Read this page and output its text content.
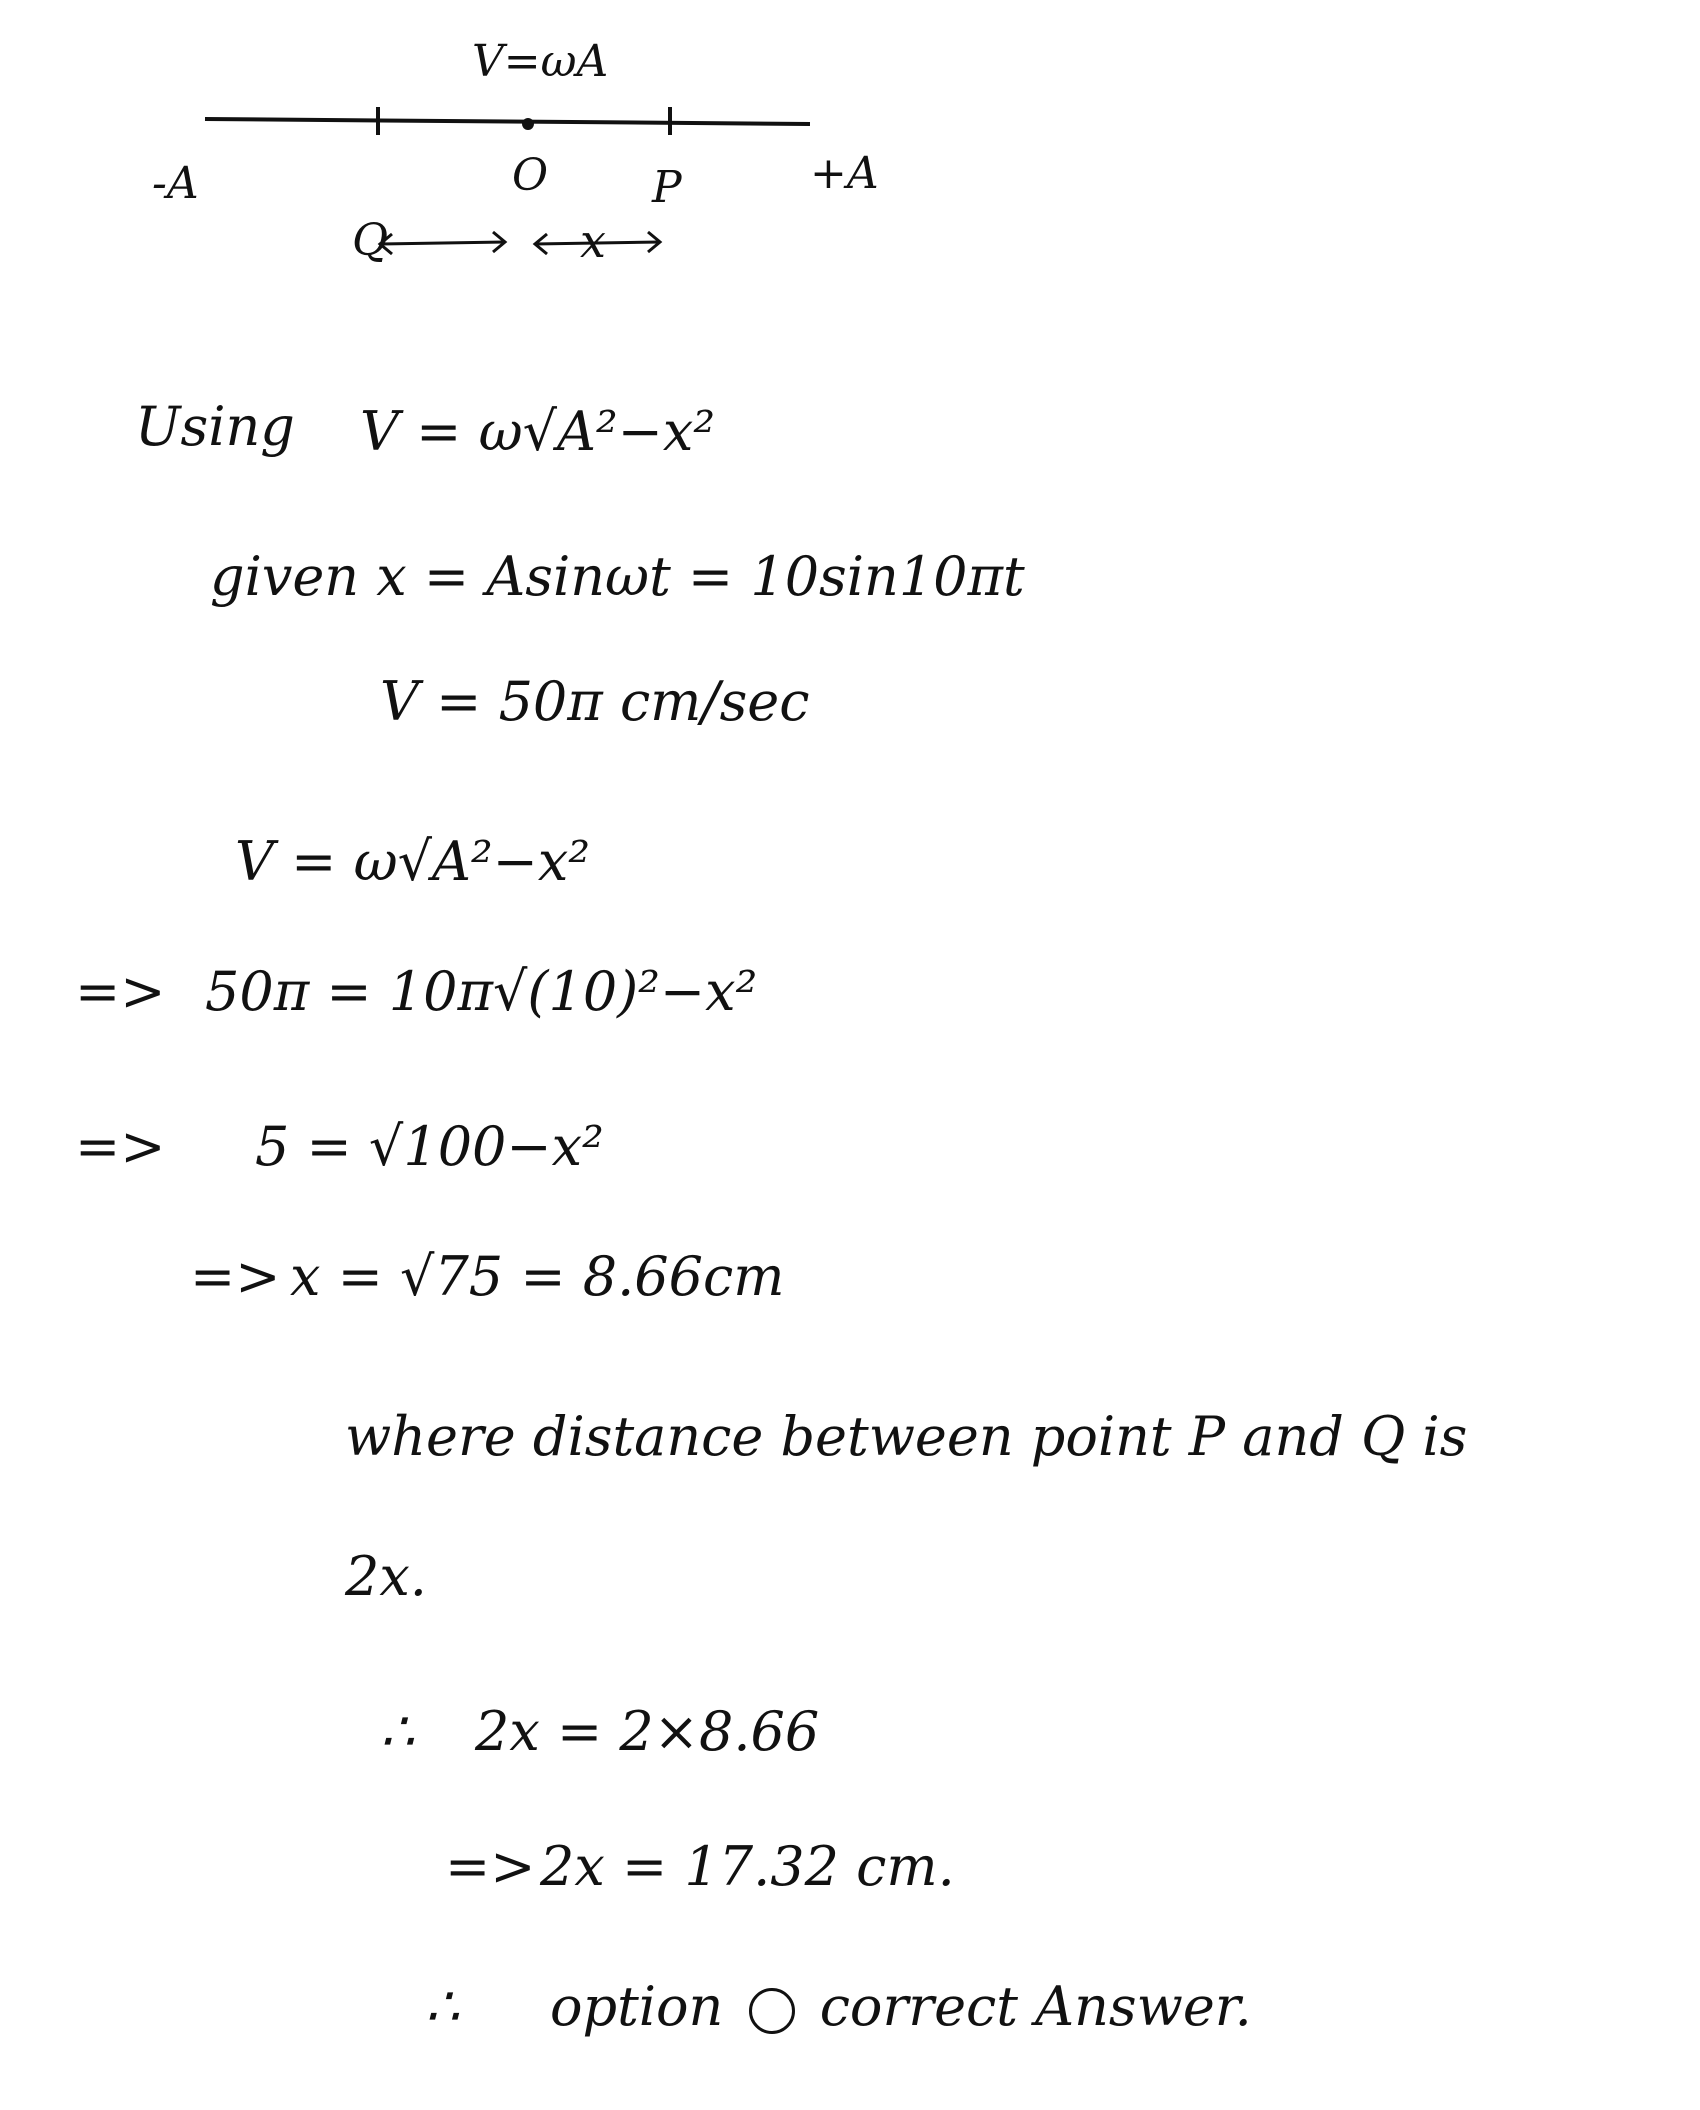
V=ωA
-A	O P	+A
Q	x
Using V = ω√A²−x²
given x = Asinωt = 10sin10πt
V = 50π cm/sec
V = ω√A²−x²
=> 50π = 10π√(10)²−x²
=> 5 = √100−x²
=> x = √75 = 8.66cm
where distance between point P and Q is
2x.
∴ 2x = 2×8.66
=> 2x = 17.32 cm.
∴ option correct Answer.
